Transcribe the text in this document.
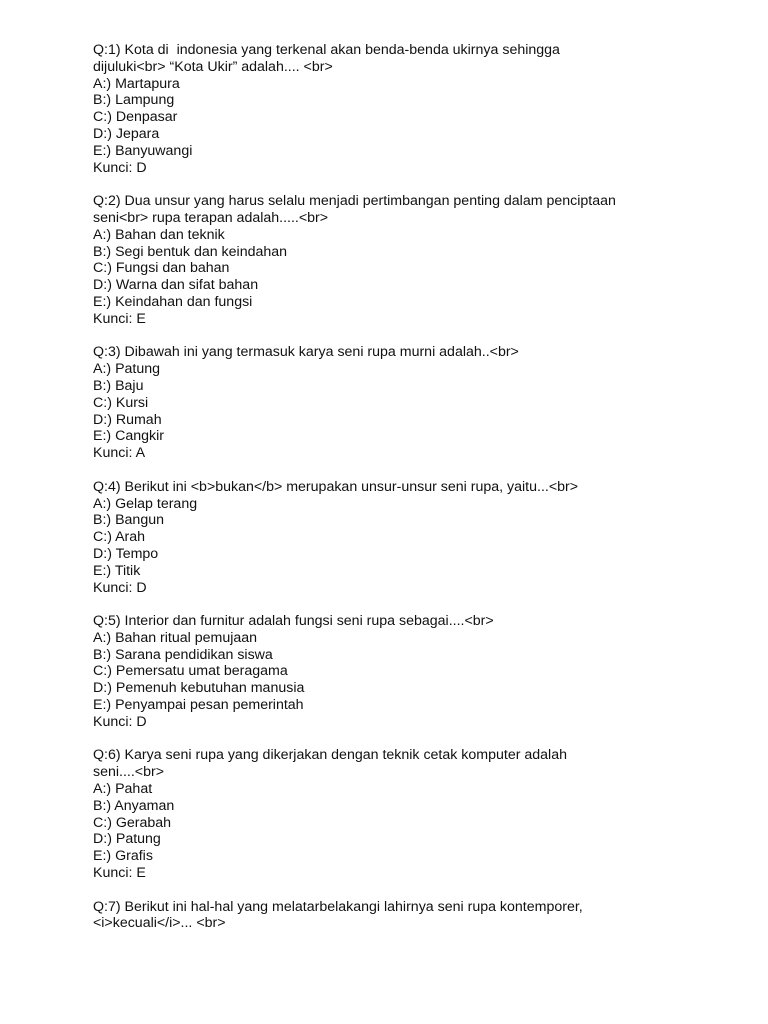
Q:1) Kota di  indonesia yang terkenal akan benda-benda ukirnya sehingga
dijuluki<br> “Kota Ukir” adalah.... <br>
A:) Martapura
B:) Lampung
C:) Denpasar
D:) Jepara
E:) Banyuwangi
Kunci: D
Q:2) Dua unsur yang harus selalu menjadi pertimbangan penting dalam penciptaan
seni<br> rupa terapan adalah.....<br>
A:) Bahan dan teknik
B:) Segi bentuk dan keindahan
C:) Fungsi dan bahan
D:) Warna dan sifat bahan
E:) Keindahan dan fungsi
Kunci: E
Q:3) Dibawah ini yang termasuk karya seni rupa murni adalah..<br>
A:) Patung
B:) Baju
C:) Kursi
D:) Rumah
E:) Cangkir
Kunci: A
Q:4) Berikut ini <b>bukan</b> merupakan unsur-unsur seni rupa, yaitu...<br>
A:) Gelap terang
B:) Bangun
C:) Arah
D:) Tempo
E:) Titik
Kunci: D
Q:5) Interior dan furnitur adalah fungsi seni rupa sebagai....<br>
A:) Bahan ritual pemujaan
B:) Sarana pendidikan siswa
C:) Pemersatu umat beragama
D:) Pemenuh kebutuhan manusia
E:) Penyampai pesan pemerintah
Kunci: D
Q:6) Karya seni rupa yang dikerjakan dengan teknik cetak komputer adalah
seni....<br>
A:) Pahat
B:) Anyaman
C:) Gerabah
D:) Patung
E:) Grafis
Kunci: E
Q:7) Berikut ini hal-hal yang melatarbelakangi lahirnya seni rupa kontemporer,
<i>kecuali</i>... <br>
